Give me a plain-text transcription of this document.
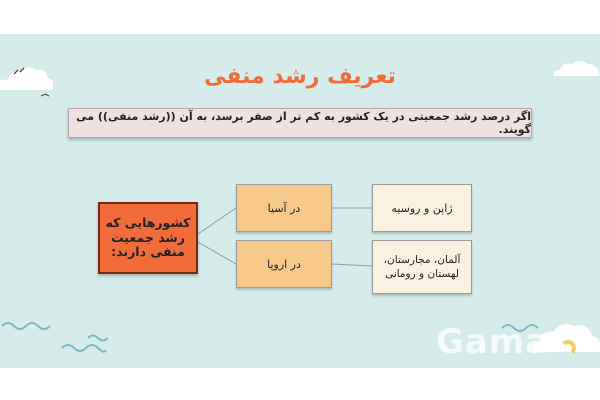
تعریف رشد منفی
اگر درصد رشد جمعیتی در یک کشور به کم تر از صفر برسد، به آن ((رشد منفی)) می گویند.
کشورهایی که رشد جمعیت منفی دارند:
در آسیا
در اروپا
ژاپن و روسیه
آلمان، مجارستان، لهستان و رومانی
Gama
